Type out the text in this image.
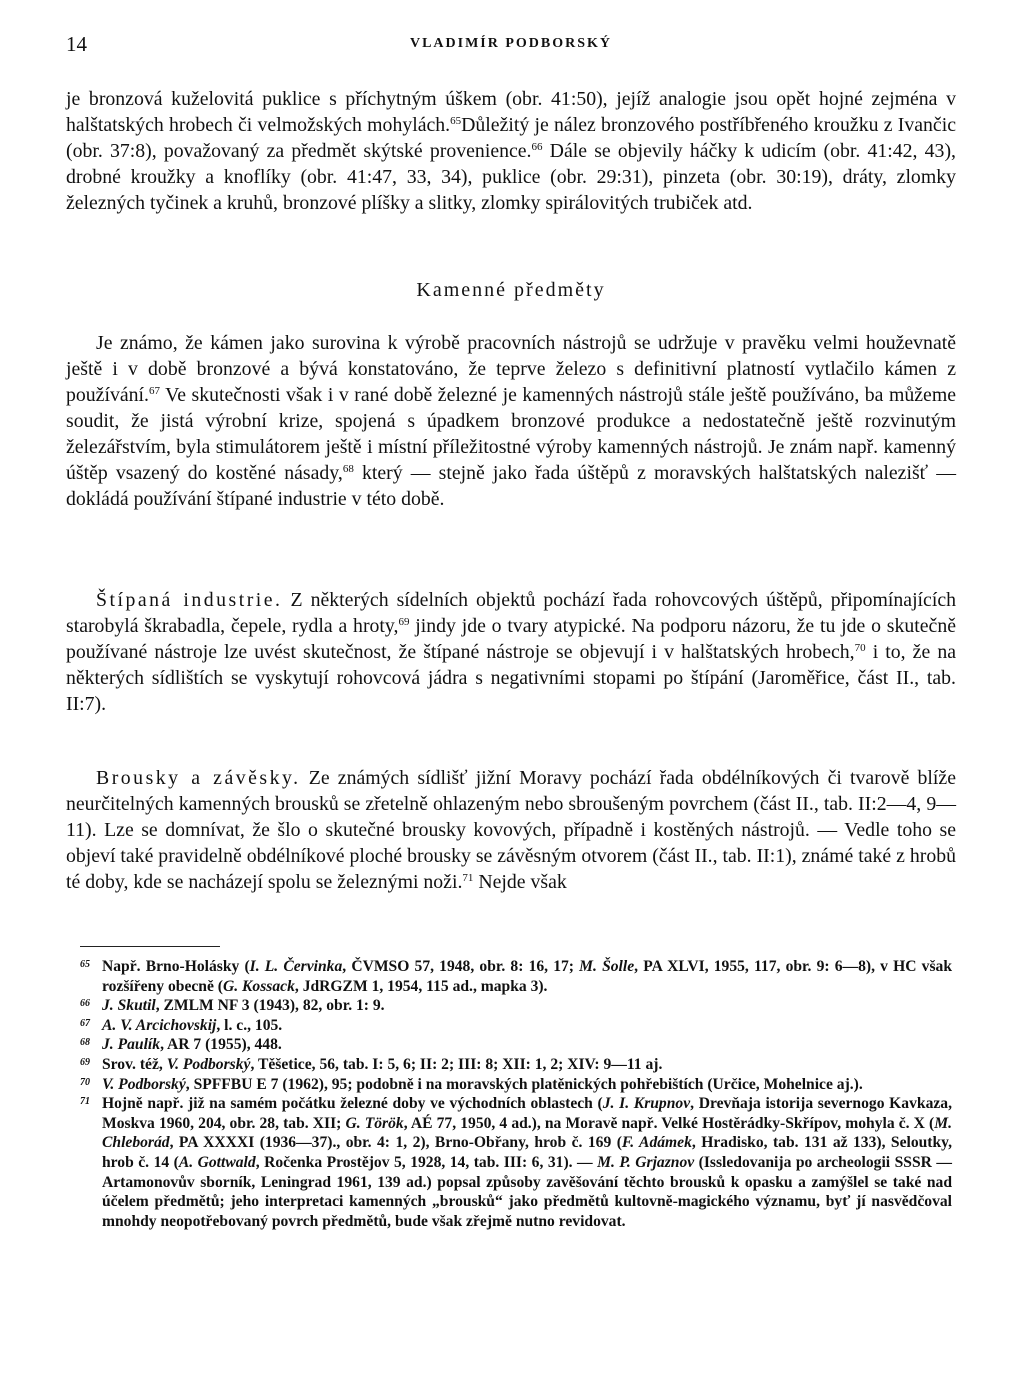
14	VLADIMÍR PODBORSKÝ
je bronzová kuželovitá puklice s příchytným úškem (obr. 41:50), jejíž analogie jsou opět hojné zejména v halštatských hrobech či velmožských mohylách.$^{65}$Důležitý je nález bronzového postříbřeného kroužku z Ivančic (obr. 37:8), považovaný za předmět skýtské provenience.$^{66}$ Dále se objevily háčky k udicím (obr. 41:42, 43), drobné kroužky a knoflíky (obr. 41:47, 33, 34), puklice (obr. 29:31), pinzeta (obr. 30:19), dráty, zlomky železných tyčinek a kruhů, bronzové plíšky a slitky, zlomky spirálovitých trubiček atd.
Kamenné předměty
Je známo, že kámen jako surovina k výrobě pracovních nástrojů se udržuje v pravěku velmi houževnatě ještě i v době bronzové a bývá konstatováno, že teprve železo s definitivní platností vytlačilo kámen z používání.$^{67}$ Ve skutečnosti však i v rané době železné je kamenných nástrojů stále ještě používáno, ba můžeme soudit, že jistá výrobní krize, spojená s úpadkem bronzové produkce a nedostatečně ještě rozvinutým železářstvím, byla stimulátorem ještě i místní příležitostné výroby kamenných nástrojů. Je znám např. kamenný úštěp vsazený do kostěné násady,$^{68}$ který — stejně jako řada úštěpů z moravských halštatských nalezišť — dokládá používání štípané industrie v této době.
Štípaná industrie. Z některých sídelních objektů pochází řada rohovcových úštěpů, připomínajících starobylá škrabadla, čepele, rydla a hroty,$^{69}$ jindy jde o tvary atypické. Na podporu názoru, že tu jde o skutečně používané nástroje lze uvést skutečnost, že štípané nástroje se objevují i v halštatských hrobech,$^{70}$ i to, že na některých sídlištích se vyskytují rohovcová jádra s negativními stopami po štípání (Jaroměřice, část II., tab. II:7).
Brousky a závěsky. Ze známých sídlišť jižní Moravy pochází řada obdélníkových či tvarově blíže neurčitelných kamenných brousků se zřetelně ohlazeným nebo sbroušeným povrchem (část II., tab. II:2—4, 9—11). Lze se domnívat, že šlo o skutečné brousky kovových, případně i kostěných nástrojů. — Vedle toho se objeví také pravidelně obdélníkové ploché brousky se závěsným otvorem (část II., tab. II:1), známé také z hrobů té doby, kde se nacházejí spolu se železnými noži.$^{71}$ Nejde však
65 Např. Brno-Holásky (I. L. Červinka, ČVMSO 57, 1948, obr. 8: 16, 17; M. Šolle, PA XLVI, 1955, 117, obr. 9: 6—8), v HC však rozšířeny obecně (G. Kossack, JdRGZM 1, 1954, 115 ad., mapka 3).
66 J. Skutil, ZMLM NF 3 (1943), 82, obr. 1: 9.
67 A. V. Arcichovskij, l. c., 105.
68 J. Paulík, AR 7 (1955), 448.
69 Srov. též, V. Podborský, Těšetice, 56, tab. I: 5, 6; II: 2; III: 8; XII: 1, 2; XIV: 9—11 aj.
70 V. Podborský, SPFFBU E 7 (1962), 95; podobně i na moravských platěnických pohřebištích (Určice, Mohelnice aj.).
71 Hojně např. již na samém počátku železné doby ve východních oblastech (J. I. Krupnov, Drevňaja istorija severnogo Kavkaza, Moskva 1960, 204, obr. 28, tab. XII; G. Török, AÉ 77, 1950, 4 ad.), na Moravě např. Velké Hostěrádky-Skřípov, mohyla č. X (M. Chleborád, PA XXXXI (1936—37)., obr. 4: 1, 2), Brno-Obřany, hrob č. 169 (F. Adámek, Hradisko, tab. 131 až 133), Seloutky, hrob č. 14 (A. Gottwald, Ročenka Prostějov 5, 1928, 14, tab. III: 6, 31). — M. P. Grjaznov (Issledovanija po archeologii SSSR — Artamonovův sborník, Leningrad 1961, 139 ad.) popsal způsoby zavěšování těchto brousků k opasku a zamýšlel se také nad účelem předmětů; jeho interpretaci kamenných „brousků“ jako předmětů kultovně-magického významu, byť jí nasvědčoval mnohdy neopotřebovaný povrch předmětů, bude však zřejmě nutno revidovat.
